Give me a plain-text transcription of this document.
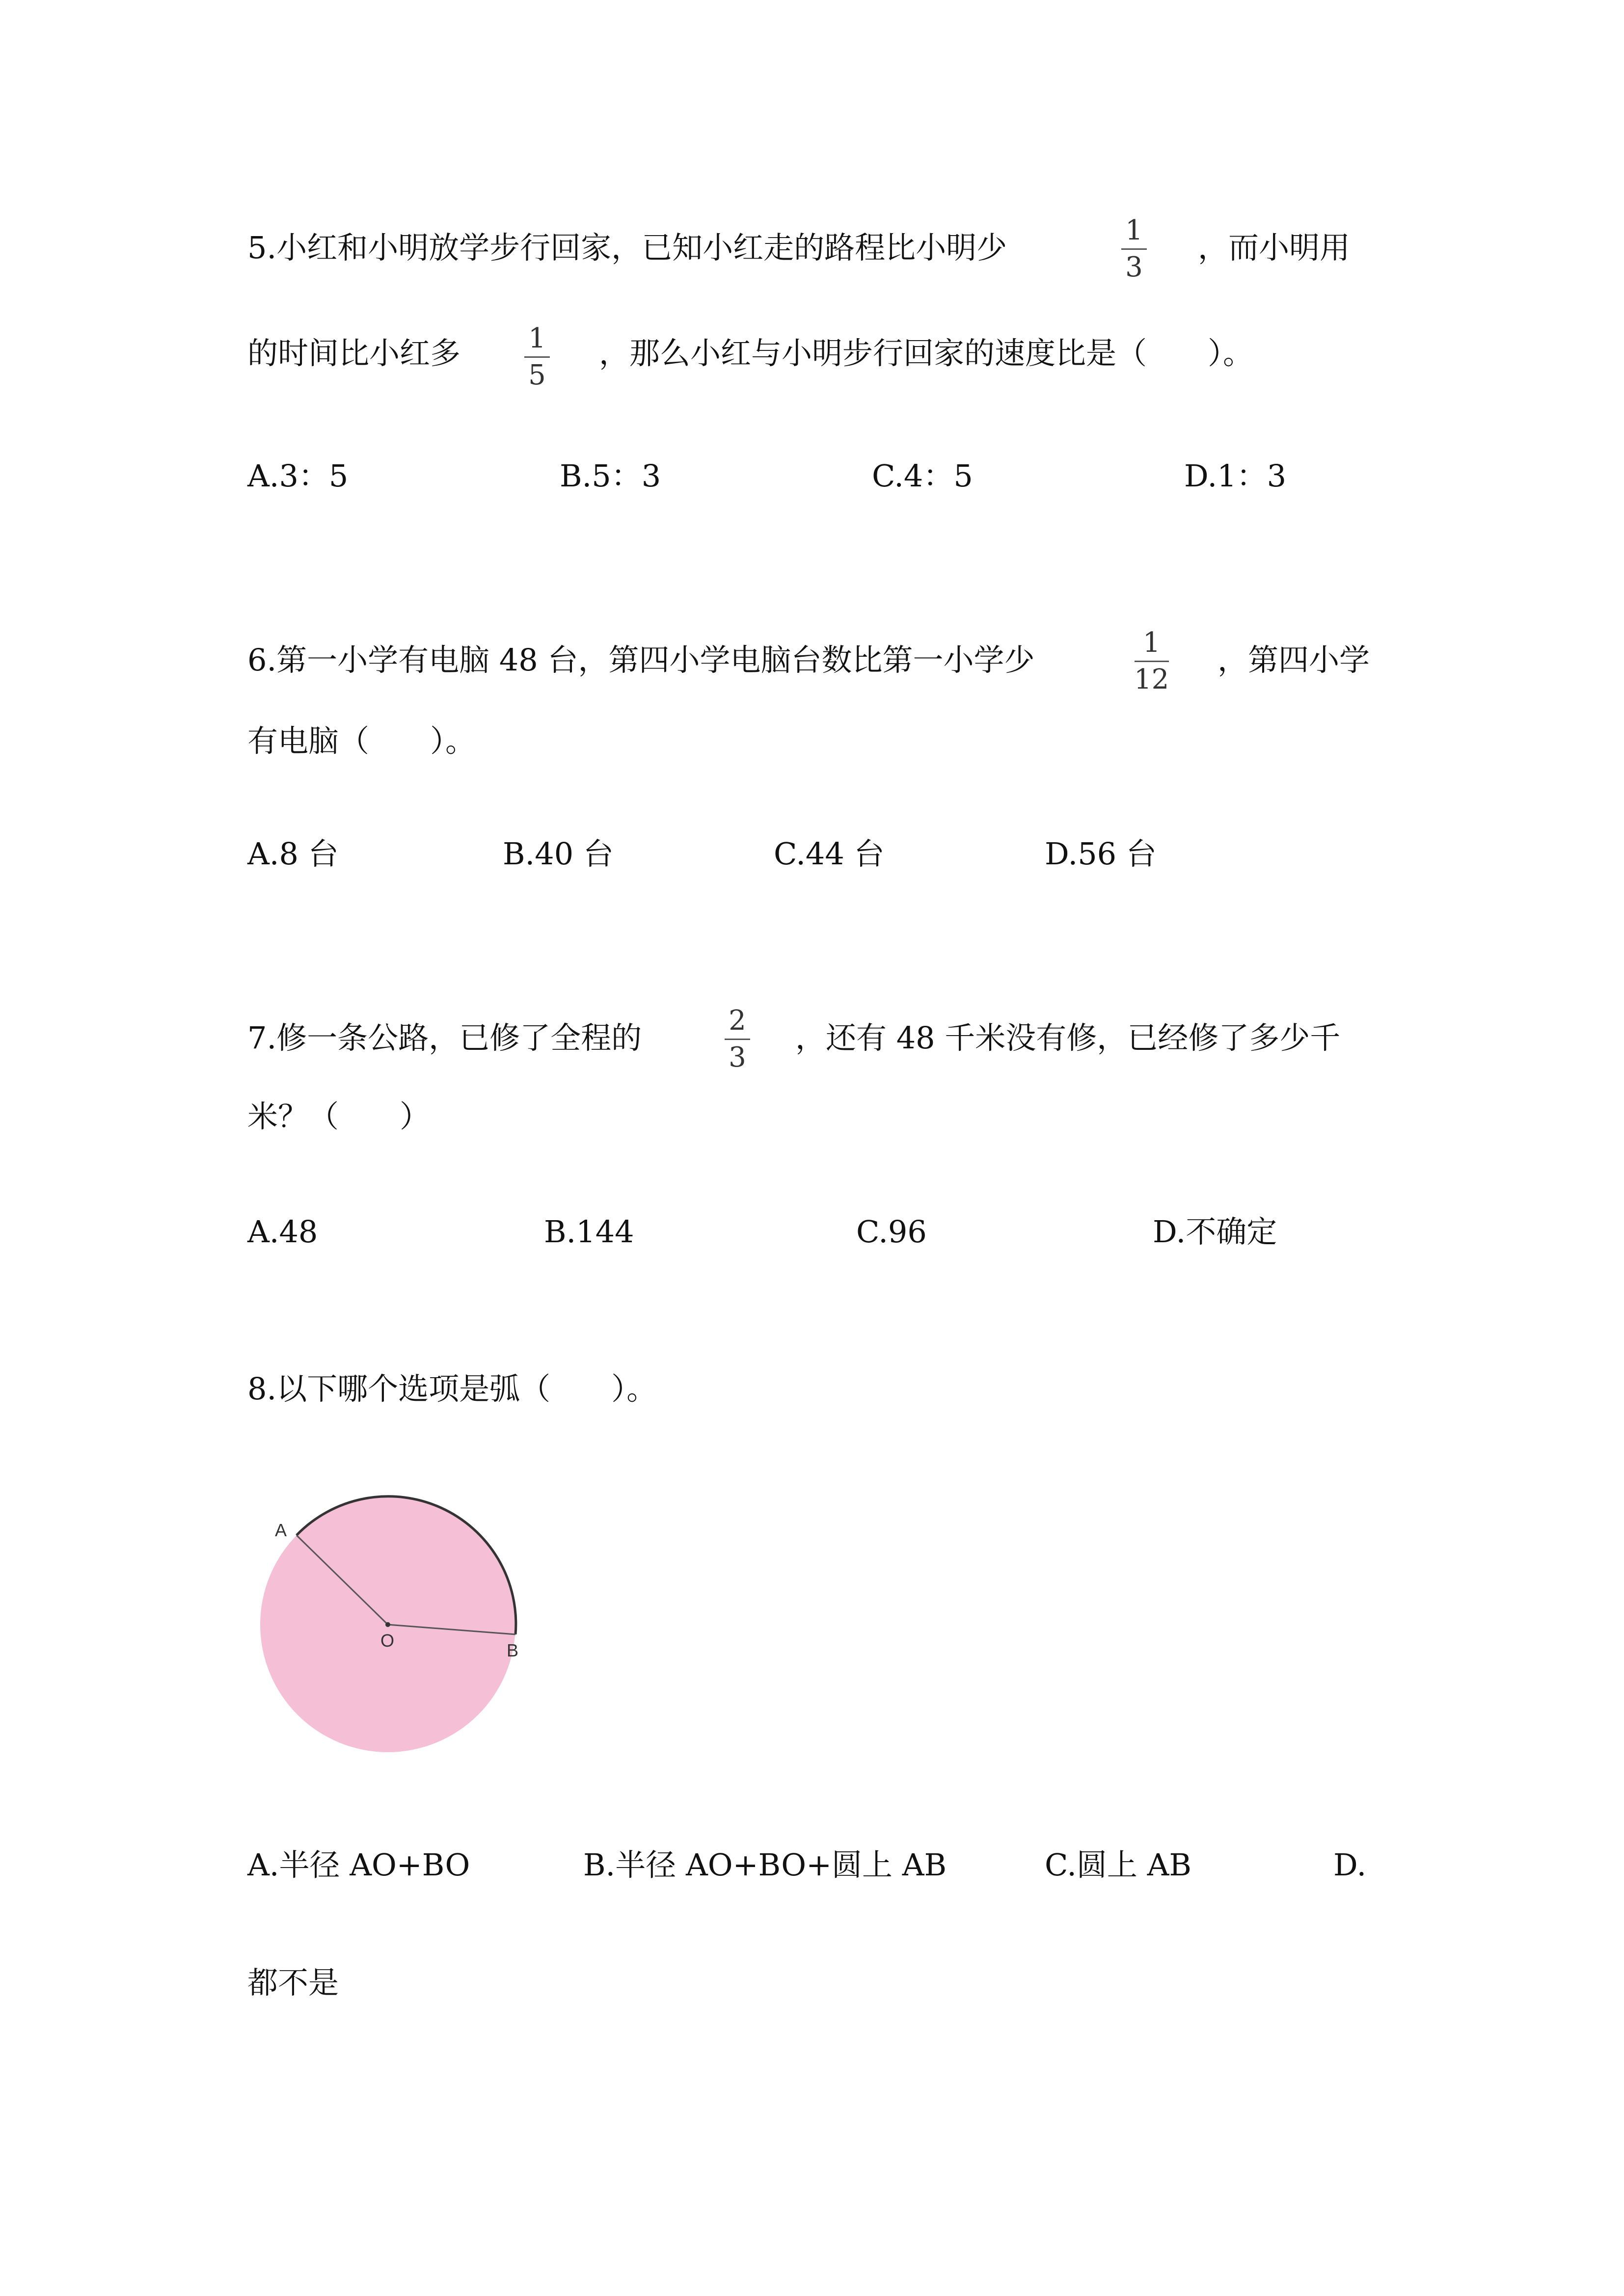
5.小红和小明放学步行回家，已知小红走的路程比小明少	1
3
，而小明用
的时间比小红多 1
5
，那么小红与小明步行回家的速度比是（　　）。
A.3：5	B.5：3	C.4：5	D.1：3
6.第一小学有电脑 48 台，第四小学电脑台数比第一小学少	1
12
，第四小学
有电脑（　　）。
A.8 台	B.40 台	C.44 台	D.56 台
7.修一条公路，已修了全程的	2
3
，还有 48 千米没有修，已经修了多少千
米？（　　）
A.48	B.144	C.96	D.不确定
8.以下哪个选项是弧（　　）。
A
O	B
A.半径 AO+BO	B.半径 AO+BO+圆上 AB	C.圆上 AB	D.
都不是
